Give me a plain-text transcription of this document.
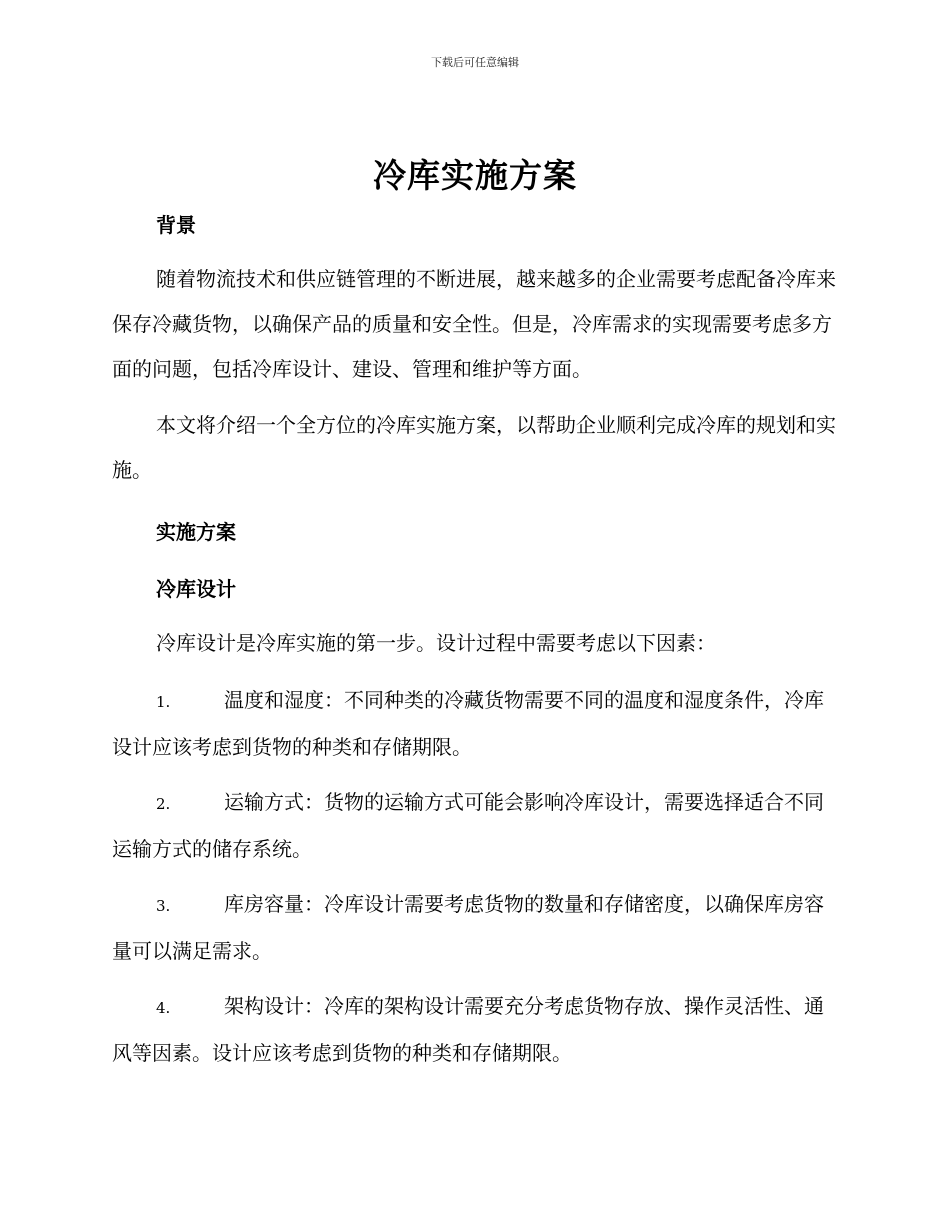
下载后可任意编辑
冷库实施方案
背景

随着物流技术和供应链管理的不断进展，越来越多的企业需要考虑配备冷库来保存冷藏货物，以确保产品的质量和安全性。但是，冷库需求的实现需要考虑多方面的问题，包括冷库设计、建设、管理和维护等方面。

本文将介绍一个全方位的冷库实施方案，以帮助企业顺利完成冷库的规划和实施。

实施方案
冷库设计

冷库设计是冷库实施的第一步。设计过程中需要考虑以下因素：

1.	温度和湿度：不同种类的冷藏货物需要不同的温度和湿度条件，冷库设计应该考虑到货物的种类和存储期限。

2.	运输方式：货物的运输方式可能会影响冷库设计，需要选择适合不同运输方式的储存系统。

3.	库房容量：冷库设计需要考虑货物的数量和存储密度，以确保库房容量可以满足需求。

4.	架构设计：冷库的架构设计需要充分考虑货物存放、操作灵活性、通风等因素。设计应该考虑到货物的种类和存储期限。
